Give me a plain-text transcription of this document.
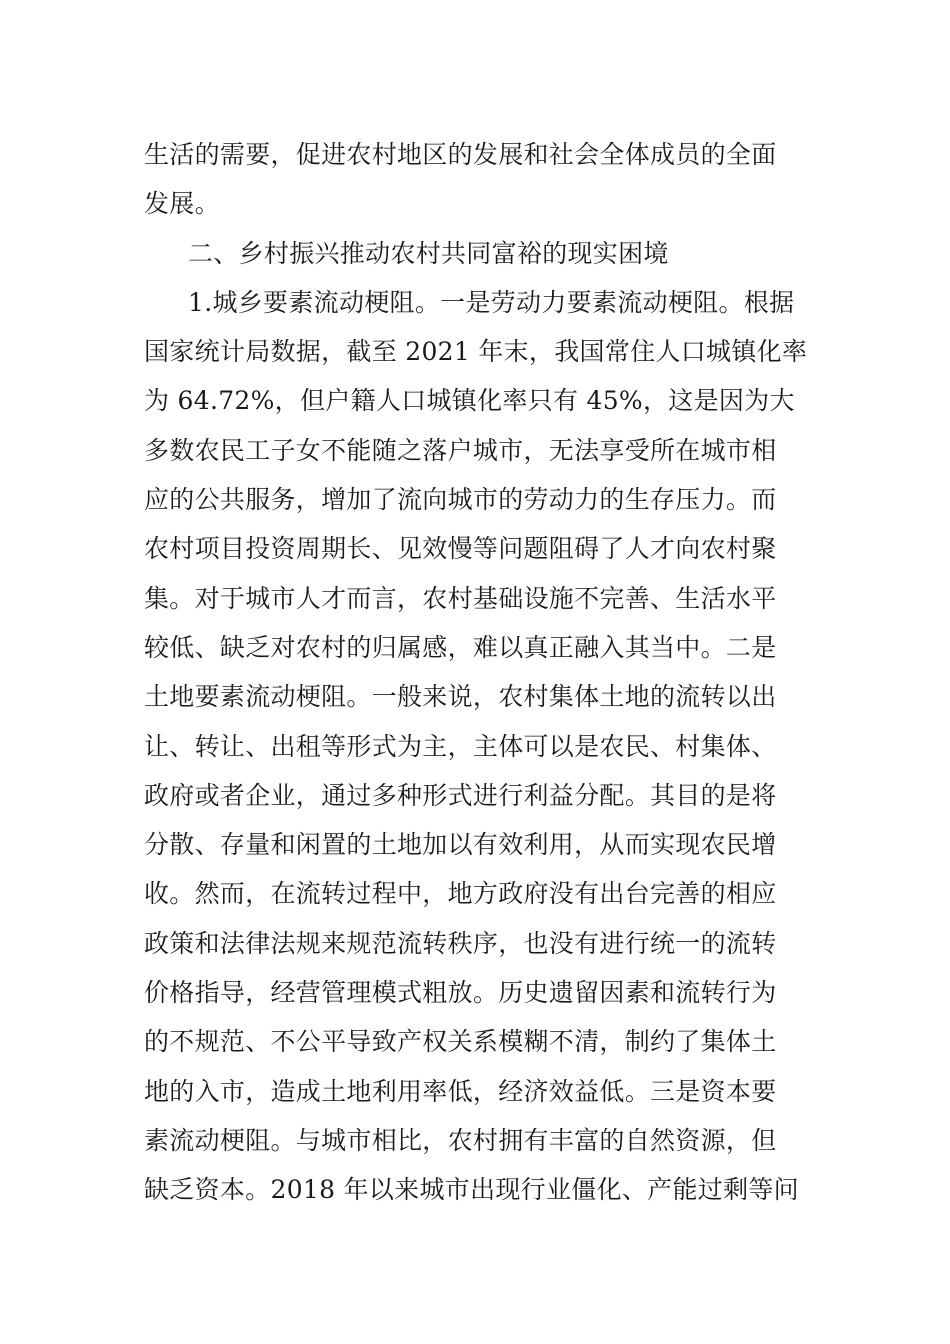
生活的需要，促进农村地区的发展和社会全体成员的全面
发展。
二、乡村振兴推动农村共同富裕的现实困境
1.城乡要素流动梗阻。一是劳动力要素流动梗阻。根据
国家统计局数据，截至 2021 年末，我国常住人口城镇化率
为 64.72%，但户籍人口城镇化率只有 45%，这是因为大
多数农民工子女不能随之落户城市，无法享受所在城市相
应的公共服务，增加了流向城市的劳动力的生存压力。而
农村项目投资周期长、见效慢等问题阻碍了人才向农村聚
集。对于城市人才而言，农村基础设施不完善、生活水平
较低、缺乏对农村的归属感，难以真正融入其当中。二是
土地要素流动梗阻。一般来说，农村集体土地的流转以出
让、转让、出租等形式为主，主体可以是农民、村集体、
政府或者企业，通过多种形式进行利益分配。其目的是将
分散、存量和闲置的土地加以有效利用，从而实现农民增
收。然而，在流转过程中，地方政府没有出台完善的相应
政策和法律法规来规范流转秩序，也没有进行统一的流转
价格指导，经营管理模式粗放。历史遗留因素和流转行为
的不规范、不公平导致产权关系模糊不清，制约了集体土
地的入市，造成土地利用率低，经济效益低。三是资本要
素流动梗阻。与城市相比，农村拥有丰富的自然资源，但
缺乏资本。2018 年以来城市出现行业僵化、产能过剩等问
